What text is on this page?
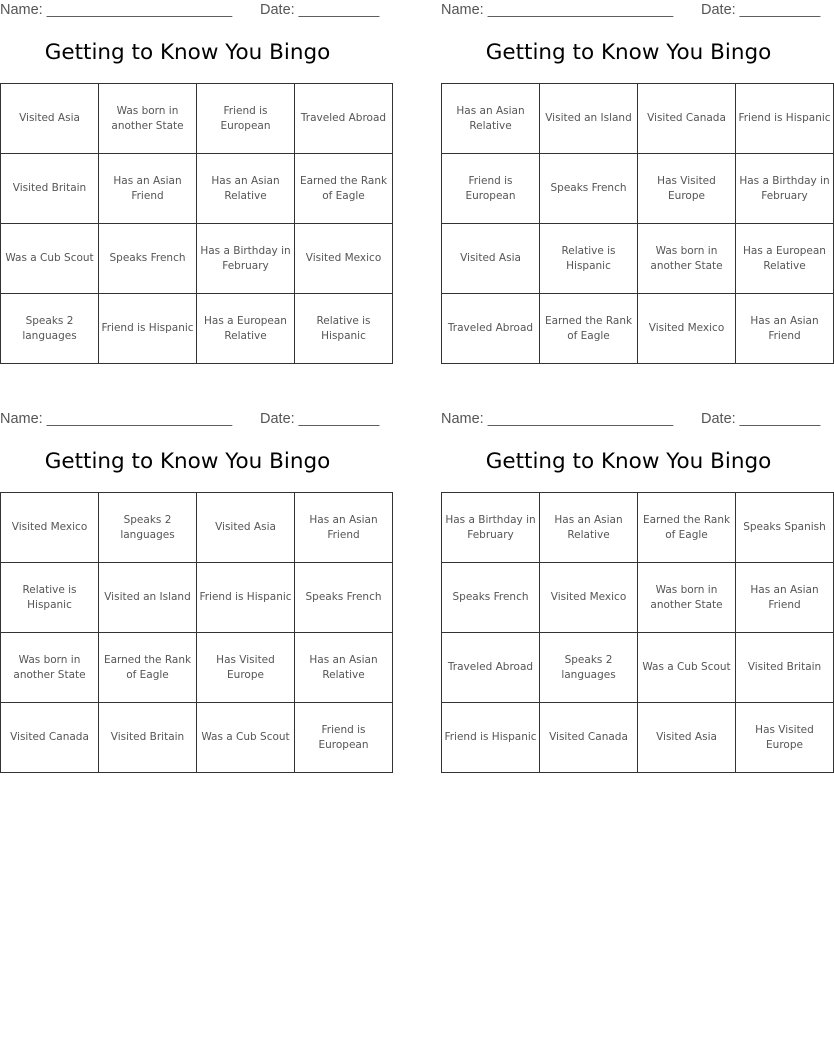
Name: _______________________ Date: __________
Getting to Know You Bingo
Visited Asia	Was born in another State	Friend is European	Traveled Abroad
Visited Britain	Has an Asian Friend	Has an Asian Relative	Earned the Rank of Eagle
Was a Cub Scout	Speaks French	Has a Birthday in February	Visited Mexico
Speaks 2 languages	Friend is Hispanic	Has a European Relative	Relative is Hispanic
Name: _______________________ Date: __________
Getting to Know You Bingo
Has an Asian Relative	Visited an Island	Visited Canada	Friend is Hispanic
Friend is European	Speaks French	Has Visited Europe	Has a Birthday in February
Visited Asia	Relative is Hispanic	Was born in another State	Has a European Relative
Traveled Abroad	Earned the Rank of Eagle	Visited Mexico	Has an Asian Friend
Name: _______________________ Date: __________
Getting to Know You Bingo
Visited Mexico	Speaks 2 languages	Visited Asia	Has an Asian Friend
Relative is Hispanic	Visited an Island	Friend is Hispanic	Speaks French
Was born in another State	Earned the Rank of Eagle	Has Visited Europe	Has an Asian Relative
Visited Canada	Visited Britain	Was a Cub Scout	Friend is European
Name: _______________________ Date: __________
Getting to Know You Bingo
Has a Birthday in February	Has an Asian Relative	Earned the Rank of Eagle	Speaks Spanish
Speaks French	Visited Mexico	Was born in another State	Has an Asian Friend
Traveled Abroad	Speaks 2 languages	Was a Cub Scout	Visited Britain
Friend is Hispanic	Visited Canada	Visited Asia	Has Visited Europe
